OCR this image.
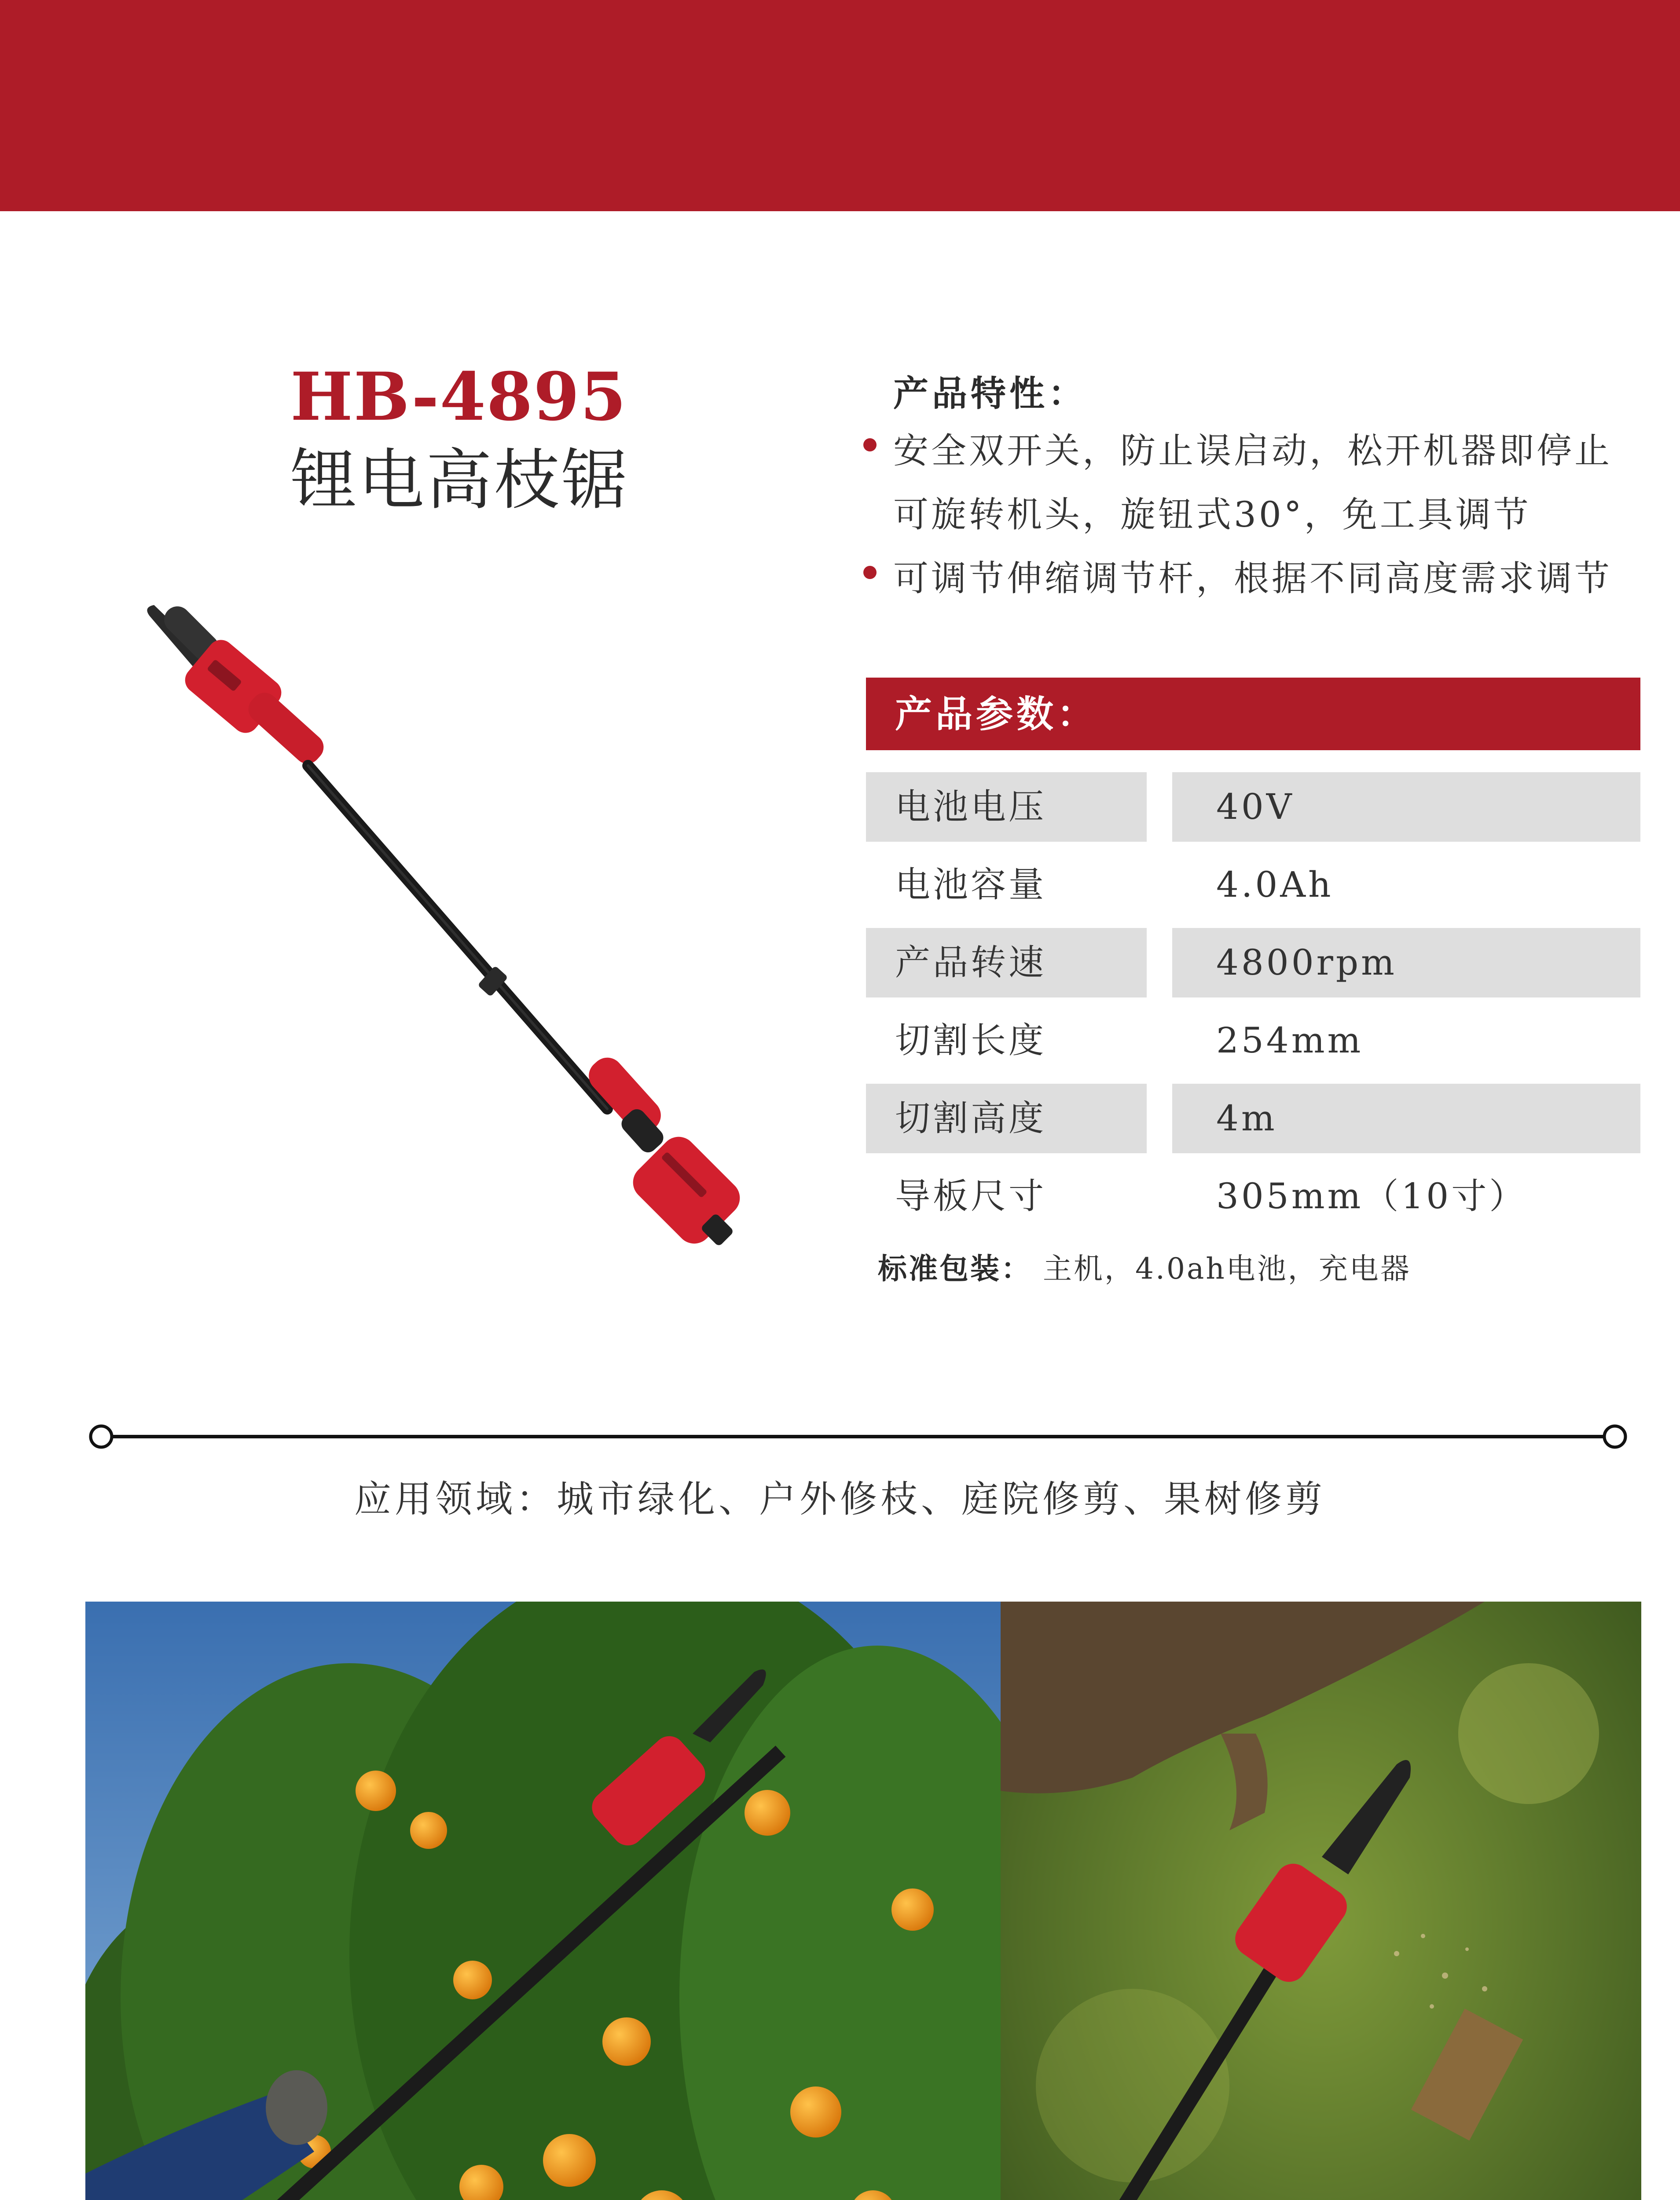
HB-4895
锂电高枝锯
产品特性：
安全双开关，防止误启动，松开机器即停止
可旋转机头，旋钮式30°，免工具调节
可调节伸缩调节杆，根据不同高度需求调节
产品参数：
电池电压	40V
电池容量	4.0Ah
产品转速	4800rpm
切割长度	254mm
切割高度	4m
导板尺寸	305mm（10寸）
标准包装： 主机，4.0ah电池，充电器
应用领域：城市绿化、户外修枝、庭院修剪、果树修剪
